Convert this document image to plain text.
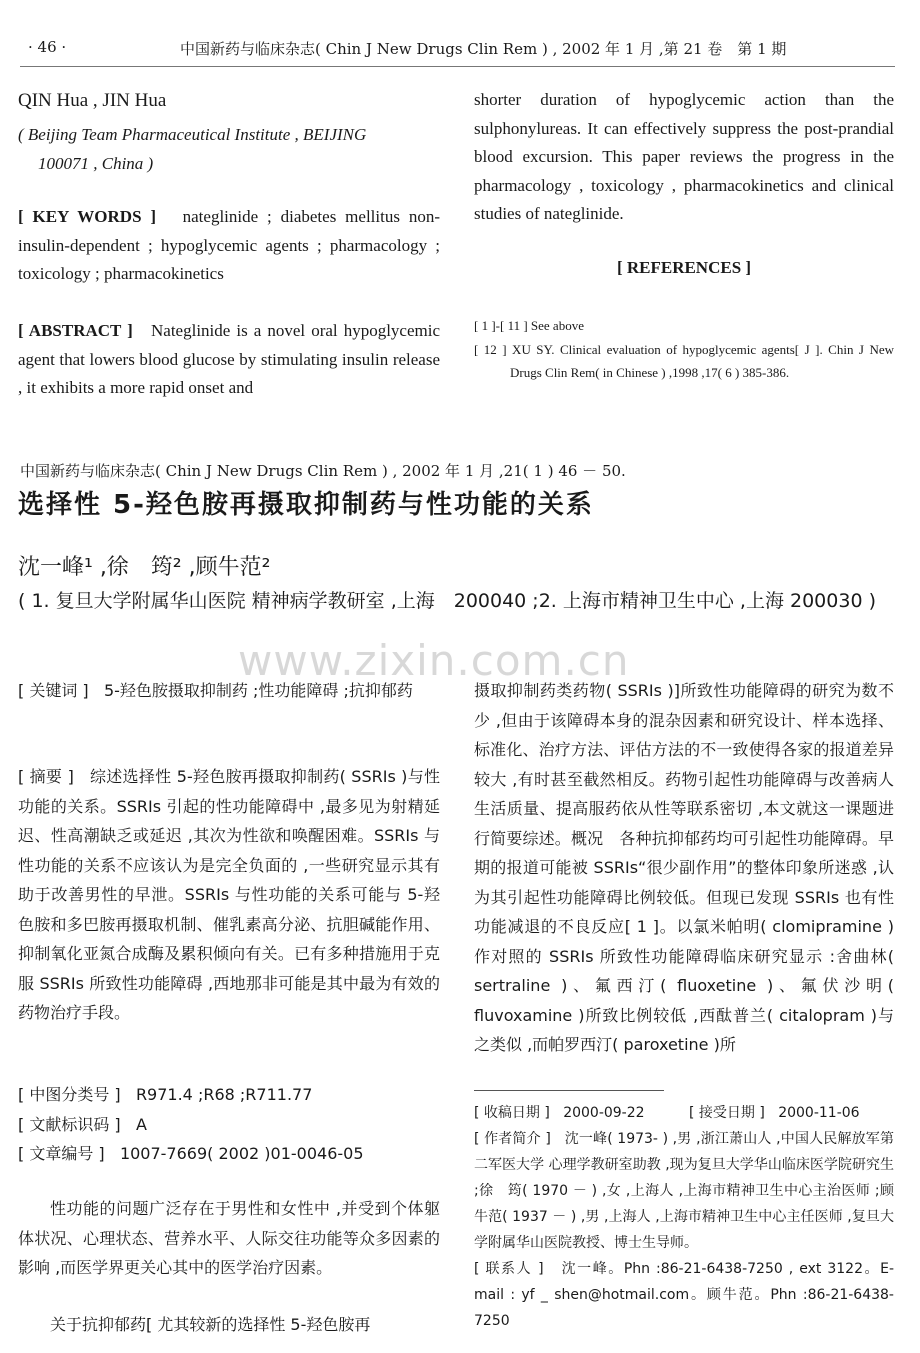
· 46 ·	中国新药与临床杂志( Chin J New Drugs Clin Rem ) , 2002 年 1 月 ,第 21 卷　第 1 期
QIN Hua , JIN Hua
( Beijing Team Pharmaceutical Institute , BEIJING
100071 , China )
[ KEY WORDS ] nateglinide ; diabetes mellitus non-insulin-dependent ; hypoglycemic agents ; pharmacology ; toxicology ; pharmacokinetics
[ ABSTRACT ] Nateglinide is a novel oral hypoglycemic agent that lowers blood glucose by stimulating insulin release , it exhibits a more rapid onset and
shorter duration of hypoglycemic action than the sulphonylureas. It can effectively suppress the post-prandial blood excursion. This paper reviews the progress in the pharmacology , toxicology , pharmacokinetics and clinical studies of nateglinide.
[ REFERENCES ]
[ 1 ]-[ 11 ] See above
[ 12 ] XU SY. Clinical evaluation of hypoglycemic agents[ J ]. Chin J New Drugs Clin Rem( in Chinese ) ,1998 ,17( 6 ) 385-386.
中国新药与临床杂志( Chin J New Drugs Clin Rem ) , 2002 年 1 月 ,21( 1 ) 46 － 50.
选择性 5-羟色胺再摄取抑制药与性功能的关系
沈一峰¹ ,徐　筠² ,顾牛范²
( 1. 复旦大学附属华山医院 精神病学教研室 ,上海　200040 ;2. 上海市精神卫生中心 ,上海 200030 )
www.zixin.com.cn
[ 关键词 ] 5-羟色胺摄取抑制药 ;性功能障碍 ;抗抑郁药
[ 摘要 ] 综述选择性 5-羟色胺再摄取抑制药( SSRIs )与性功能的关系。SSRIs 引起的性功能障碍中 ,最多见为射精延迟、性高潮缺乏或延迟 ,其次为性欲和唤醒困难。SSRIs 与性功能的关系不应该认为是完全负面的 ,一些研究显示其有助于改善男性的早泄。SSRIs 与性功能的关系可能与 5-羟色胺和多巴胺再摄取机制、催乳素高分泌、抗胆碱能作用、抑制氧化亚氮合成酶及累积倾向有关。已有多种措施用于克服 SSRIs 所致性功能障碍 ,西地那非可能是其中最为有效的药物治疗手段。
[ 中图分类号 ] R971.4 ;R68 ;R711.77
[ 文献标识码 ] A
[ 文章编号 ] 1007-7669( 2002 )01-0046-05
性功能的问题广泛存在于男性和女性中 ,并受到个体躯体状况、心理状态、营养水平、人际交往功能等众多因素的影响 ,而医学界更关心其中的医学治疗因素。
关于抗抑郁药[ 尤其较新的选择性 5-羟色胺再
摄取抑制药类药物( SSRIs )]所致性功能障碍的研究为数不少 ,但由于该障碍本身的混杂因素和研究设计、样本选择、标准化、治疗方法、评估方法的不一致使得各家的报道差异较大 ,有时甚至截然相反。药物引起性功能障碍与改善病人生活质量、提高服药依从性等联系密切 ,本文就这一课题进行简要综述。概况　各种抗抑郁药均可引起性功能障碍。早期的报道可能被 SSRIs“很少副作用”的整体印象所迷惑 ,认为其引起性功能障碍比例较低。但现已发现 SSRIs 也有性功能减退的不良反应[ 1 ]。以氯米帕明( clomipramine )作对照的 SSRIs 所致性功能障碍临床研究显示 :舍曲林( sertraline )、氟西汀( fluoxetine )、氟伏沙明( fluvoxamine )所致比例较低 ,西酞普兰( citalopram )与之类似 ,而帕罗西汀( paroxetine )所
[ 收稿日期 ] 2000-09-22	[ 接受日期 ] 2000-11-06
[ 作者简介 ] 沈一峰( 1973- ) ,男 ,浙江萧山人 ,中国人民解放军第二军医大学 心理学教研室助教 ,现为复旦大学华山临床医学院研究生 ;徐　筠( 1970 － ) ,女 ,上海人 ,上海市精神卫生中心主治医师 ;顾牛范( 1937 － ) ,男 ,上海人 ,上海市精神卫生中心主任医师 ,复旦大学附属华山医院教授、博士生导师。
[ 联系人 ] 沈一峰。Phn :86-21-6438-7250 , ext 3122。E-mail : yf _ shen@hotmail.com。顾牛范。Phn :86-21-6438-7250
